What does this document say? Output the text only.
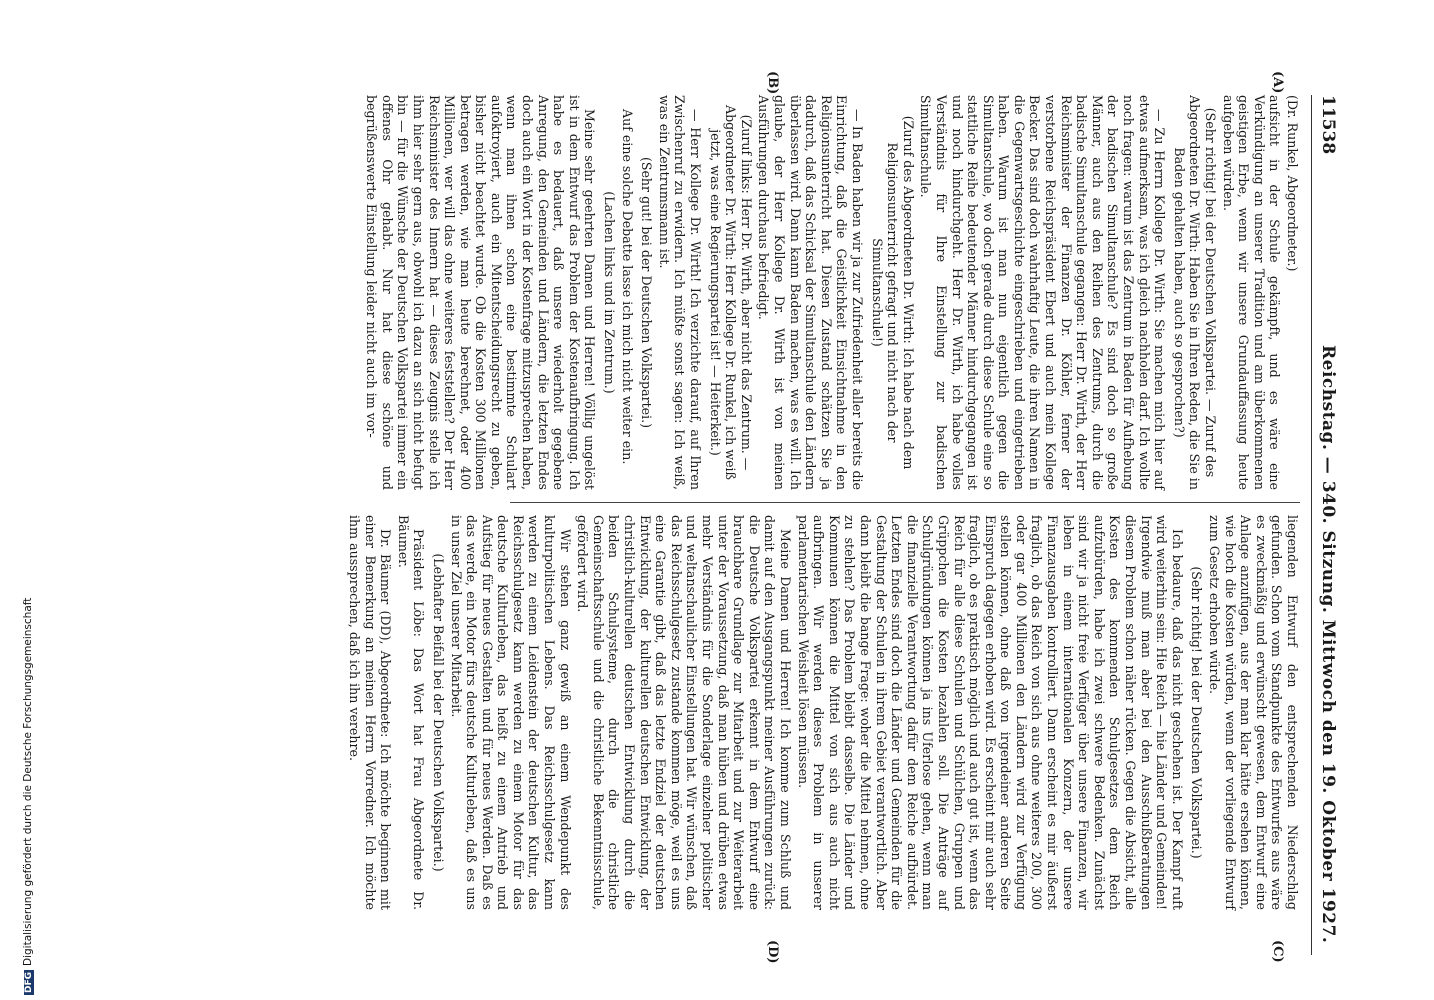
11538
Reichstag. — 340. Sitzung. Mittwoch den 19. Oktober 1927.
(A)
(B)
(C)
(D)

(Dr. Runkel, Abgeordneter.)

aufsicht in der Schule gekämpft, und es wäre eine Verkündigung an unserer Tradition und am überkommenen geistigen Erbe, wenn wir unsere Grundauffassung heute aufgeben würden.

(Sehr richtig! bei der Deutschen Volkspartei. — Zuruf des Abgeordneten Dr. Wirth: Haben Sie in Ihren Reden, die Sie in Baden gehalten haben, auch so gesprochen?)

— Zu Herrn Kollege Dr. Wirth: Sie machen mich hier auf etwas aufmerksam, was ich gleich nachholen darf. Ich wollte noch fragen: warum ist das Zentrum in Baden für Aufhebung der badischen Simultanschule? Es sind doch so große Männer, auch aus den Reihen des Zentrums, durch die badische Simultanschule gegangen: Herr Dr. Wirth, der Herr Reichsminister der Finanzen Dr. Köhler, ferner der verstorbene Reichspräsident Ebert und auch mein Kollege Becker. Das sind doch wahrhaftig Leute, die ihren Namen in die Gegenwartsgeschichte eingeschrieben und eingetrieben haben. Warum ist man nun eigentlich gegen die Simultanschule, wo doch gerade durch diese Schule eine so stattliche Reihe bedeutender Männer hindurchgegangen ist und noch hindurchgeht. Herr Dr. Wirth, ich habe volles Verständnis für Ihre Einstellung zur badischen Simultanschule.

(Zuruf des Abgeordneten Dr. Wirth: Ich habe nach dem Religionsunterricht gefragt und nicht nach der Simultanschule!)

— In Baden haben wir ja zur Zufriedenheit aller bereits die Einrichtung, daß die Geistlichkeit Einsichtnahme in den Religionsunterricht hat. Diesen Zustand schätzen Sie ja dadurch, daß das Schicksal der Simultanschule den Ländern überlassen wird. Dann kann Baden machen, was es will. Ich glaube, der Herr Kollege Dr. Wirth ist von meinen Ausführungen durchaus befriedigt.

(Zuruf links: Herr Dr. Wirth, aber nicht das Zentrum. — Abgeordneter Dr. Wirth: Herr Kollege Dr. Runkel, ich weiß jetzt, was eine Regierungspartei ist! — Heiterkeit.)

— Herr Kollege Dr. Wirth! Ich verzichte darauf, auf Ihren Zwischenruf zu erwidern. Ich müßte sonst sagen: Ich weiß, was ein Zentrumsmann ist.

(Sehr gut! bei der Deutschen Volkspartei.)

Auf eine solche Debatte lasse ich mich nicht weiter ein.

(Lachen links und im Zentrum.)

Meine sehr geehrten Damen und Herren! Völlig ungelöst ist in dem Entwurf das Problem der Kostenaufbringung. Ich habe es bedauert, daß unsere wiederholt gegebene Anregung, den Gemeinden und Ländern, die letzten Endes doch auch ein Wort in der Kostenfrage mitzusprechen haben, wenn man ihnen schon eine bestimmte Schulart aufoktroyiert, auch ein Mitentscheidungsrecht zu geben, bisher nicht beachtet wurde. Ob die Kosten 300 Millionen betragen werden, wie man heute berechnet, oder 400 Millionen, wer will das ohne weiteres feststellen? Der Herr Reichsminister des Innern hat — dieses Zeugnis stelle ich ihm hier sehr gern aus, obwohl ich dazu an sich nicht befugt bin — für die Wünsche der Deutschen Volkspartei immer ein offenes Ohr gehabt. Nur hat diese schöne und begrüßenswerte Einstellung leider nicht auch im vor-

liegenden Entwurf den entsprechenden Niederschlag gefunden. Schon vom Standpunkte des Entwurfes aus wäre es zweckmäßig und erwünscht gewesen, dem Entwurf eine Anlage anzufügen, aus der man klar hätte ersehen können, wie hoch die Kosten würden, wenn der vorliegende Entwurf zum Gesetz erhoben würde.

(Sehr richtig! bei der Deutschen Volkspartei.)

Ich bedaure, daß das nicht geschehen ist. Der Kampf ruft wird weiterhin sein: Hie Reich — hie Länder und Gemeinden! Irgendwie muß man aber bei den Ausschußberatungen diesem Problem schon näher rücken. Gegen die Absicht, alle Kosten des kommenden Schulgesetzes dem Reich aufzubürden, habe ich zwei schwere Bedenken. Zunächst sind wir ja nicht freie Verfüger über unsere Finanzen, wir leben in einem internationalen Konzern, der unsere Finanzausgaben kontrolliert. Dann erscheint es mir äußerst fraglich, ob das Reich von sich aus ohne weiteres 200, 300 oder gar 400 Millionen den Ländern wird zur Verfügung stellen können, ohne daß von irgendeiner anderen Seite Einspruch dagegen erhoben wird. Es erscheint mir auch sehr fraglich, ob es praktisch möglich und auch gut ist, wenn das Reich für alle diese Schulen und Schülchen, Gruppen und Grüppchen die Kosten bezahlen soll. Die Anträge auf Schulgründungen können ja ins Uferlose gehen, wenn man die finanzielle Verantwortung dafür dem Reiche aufbürdet. Letzten Endes sind doch die Länder und Gemeinden für die Gestaltung der Schulen in ihrem Gebiet verantwortlich. Aber dann bleibt die bange Frage: woher die Mittel nehmen, ohne zu stehlen? Das Problem bleibt dasselbe. Die Länder und Kommunen können die Mittel von sich aus auch nicht aufbringen. Wir werden dieses Problem in unserer parlamentarischen Weisheit lösen müssen.

Meine Damen und Herren! Ich komme zum Schluß und damit auf den Ausgangspunkt meiner Ausführungen zurück: die Deutsche Volkspartei erkennt in dem Entwurf eine brauchbare Grundlage zur Mitarbeit und zur Weiterarbeit unter der Voraussetzung, daß man hüben und drüben etwas mehr Verständnis für die Sonderlage einzelner politischer und weltanschaulicher Einstellungen hat. Wir wünschen, daß das Reichsschulgesetz zustande kommen möge, weil es uns eine Garantie gibt, daß das letzte Endziel der deutschen Entwicklung, der kulturellen deutschen Entwicklung, der christlich-kulturellen deutschen Entwicklung durch die beiden Schulsysteme, durch die christliche Gemeinschaftsschule und die christliche Bekenntnisschule, gefördert wird.

Wir stehen ganz gewiß an einem Wendepunkt des kulturpolitischen Lebens. Das Reichsschulgesetz kann werden zu einem Leidenstein der deutschen Kultur, das Reichsschulgesetz kann werden zu einem Motor für das deutsche Kulturleben, das heißt zu einem Antrieb und Aufstieg für neues Gestalten und für neues Werden. Daß es das werde, ein Motor fürs deutsche Kulturleben, daß es uns in unser Ziel unserer Mitarbeit.

(Lebhafter Beifall bei der Deutschen Volkspartei.)

Präsident Löbe: Das Wort hat Frau Abgeordnete Dr. Bäumer.

Dr. Bäumer (DD), Abgeordnete: Ich möchte beginnen mit einer Bemerkung an meinen Herrn Vorredner. Ich möchte ihm aussprechen, daß ich ihn verehre.

DFGDigitalisierung gefördert durch die Deutsche Forschungsgemeinschaft
